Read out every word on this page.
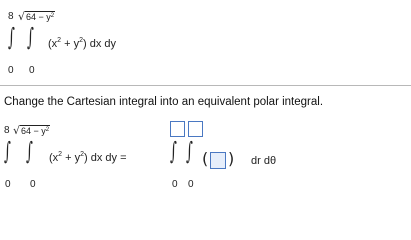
8 $√64 - y^2$
∫ ∫ $(x^2 + y^2)$ dx dy
0 0
Change the Cartesian integral into an equivalent polar integral.
8 $√64 - y^2$
∫ ∫ $(x^2 + y^2)$ dx dy =
0 0
∫ ∫ ( ) dr dθ
0 0
